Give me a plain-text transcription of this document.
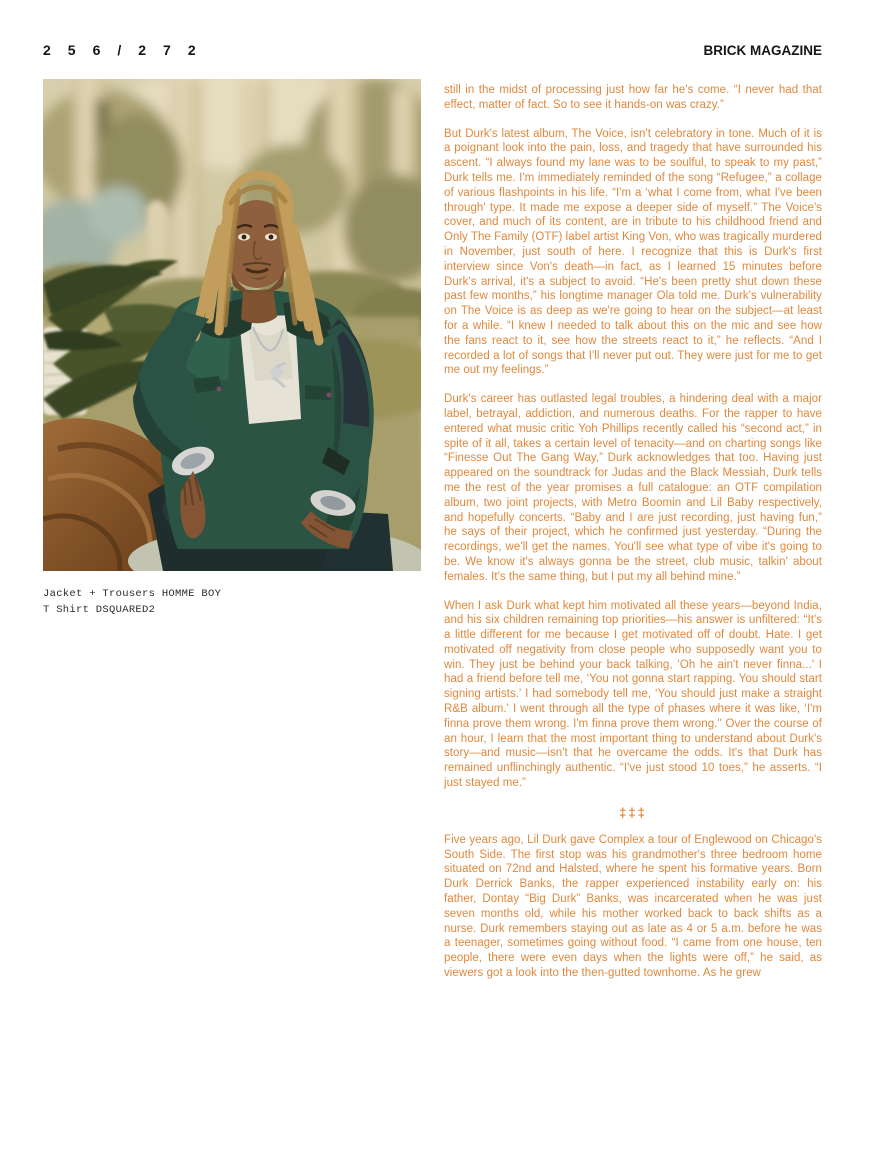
256/272	BRICK MAGAZINE
Jacket + Trousers HOMME BOY
T Shirt DSQUARED2

still in the midst of processing just how far he's come. “I never had that effect, matter of fact. So to see it hands-on was crazy.”

But Durk's latest album, The Voice, isn't celebratory in tone. Much of it is a poignant look into the pain, loss, and tragedy that have surrounded his ascent. “I always found my lane was to be soulful, to speak to my past,” Durk tells me. I'm immediately reminded of the song “Refugee,” a collage of various flashpoints in his life. “I'm a ‘what I come from, what I've been through' type. It made me expose a deeper side of myself.” The Voice's cover, and much of its content, are in tribute to his childhood friend and Only The Family (OTF) label artist King Von, who was tragically murdered in November, just south of here. I recognize that this is Durk's first interview since Von's death—in fact, as I learned 15 minutes before Durk's arrival, it's a subject to avoid. “He's been pretty shut down these past few months,” his longtime manager Ola told me. Durk's vulnerability on The Voice is as deep as we're going to hear on the subject—at least for a while. “I knew I needed to talk about this on the mic and see how the fans react to it, see how the streets react to it,” he reflects. “And I recorded a lot of songs that I'll never put out. They were just for me to get me out my feelings.”

Durk's career has outlasted legal troubles, a hindering deal with a major label, betrayal, addiction, and numerous deaths. For the rapper to have entered what music critic Yoh Phillips recently called his “second act,” in spite of it all, takes a certain level of tenacity—and on charting songs like “Finesse Out The Gang Way,” Durk acknowledges that too. Having just appeared on the soundtrack for Judas and the Black Messiah, Durk tells me the rest of the year promises a full catalogue: an OTF compilation album, two joint projects, with Metro Boomin and Lil Baby respectively, and hopefully concerts. “Baby and I are just recording, just having fun,” he says of their project, which he confirmed just yesterday. “During the recordings, we'll get the names. You'll see what type of vibe it's going to be. We know it's always gonna be the street, club music, talkin' about females. It's the same thing, but I put my all behind mine.”

When I ask Durk what kept him motivated all these years—beyond India, and his six children remaining top priorities—his answer is unfiltered: “It's a little different for me because I get motivated off of doubt. Hate. I get motivated off negativity from close people who supposedly want you to win. They just be behind your back talking, ‘Oh he ain't never finna...' I had a friend before tell me, ‘You not gonna start rapping. You should start signing artists.' I had somebody tell me, ‘You should just make a straight R&B album.' I went through all the type of phases where it was like, ‘I'm finna prove them wrong. I'm finna prove them wrong.'' Over the course of an hour, I learn that the most important thing to understand about Durk's story—and music—isn't that he overcame the odds. It's that Durk has remained unflinchingly authentic. “I've just stood 10 toes,” he asserts. “I just stayed me.”

‡‡‡

Five years ago, Lil Durk gave Complex a tour of Englewood on Chicago's South Side. The first stop was his grandmother's three bedroom home situated on 72nd and Halsted, where he spent his formative years. Born Durk Derrick Banks, the rapper experienced instability early on: his father, Dontay “Big Durk” Banks, was incarcerated when he was just seven months old, while his mother worked back to back shifts as a nurse. Durk remembers staying out as late as 4 or 5 a.m. before he was a teenager, sometimes going without food. “I came from one house, ten people, there were even days when the lights were off,” he said, as viewers got a look into the then-gutted townhome. As he grew
